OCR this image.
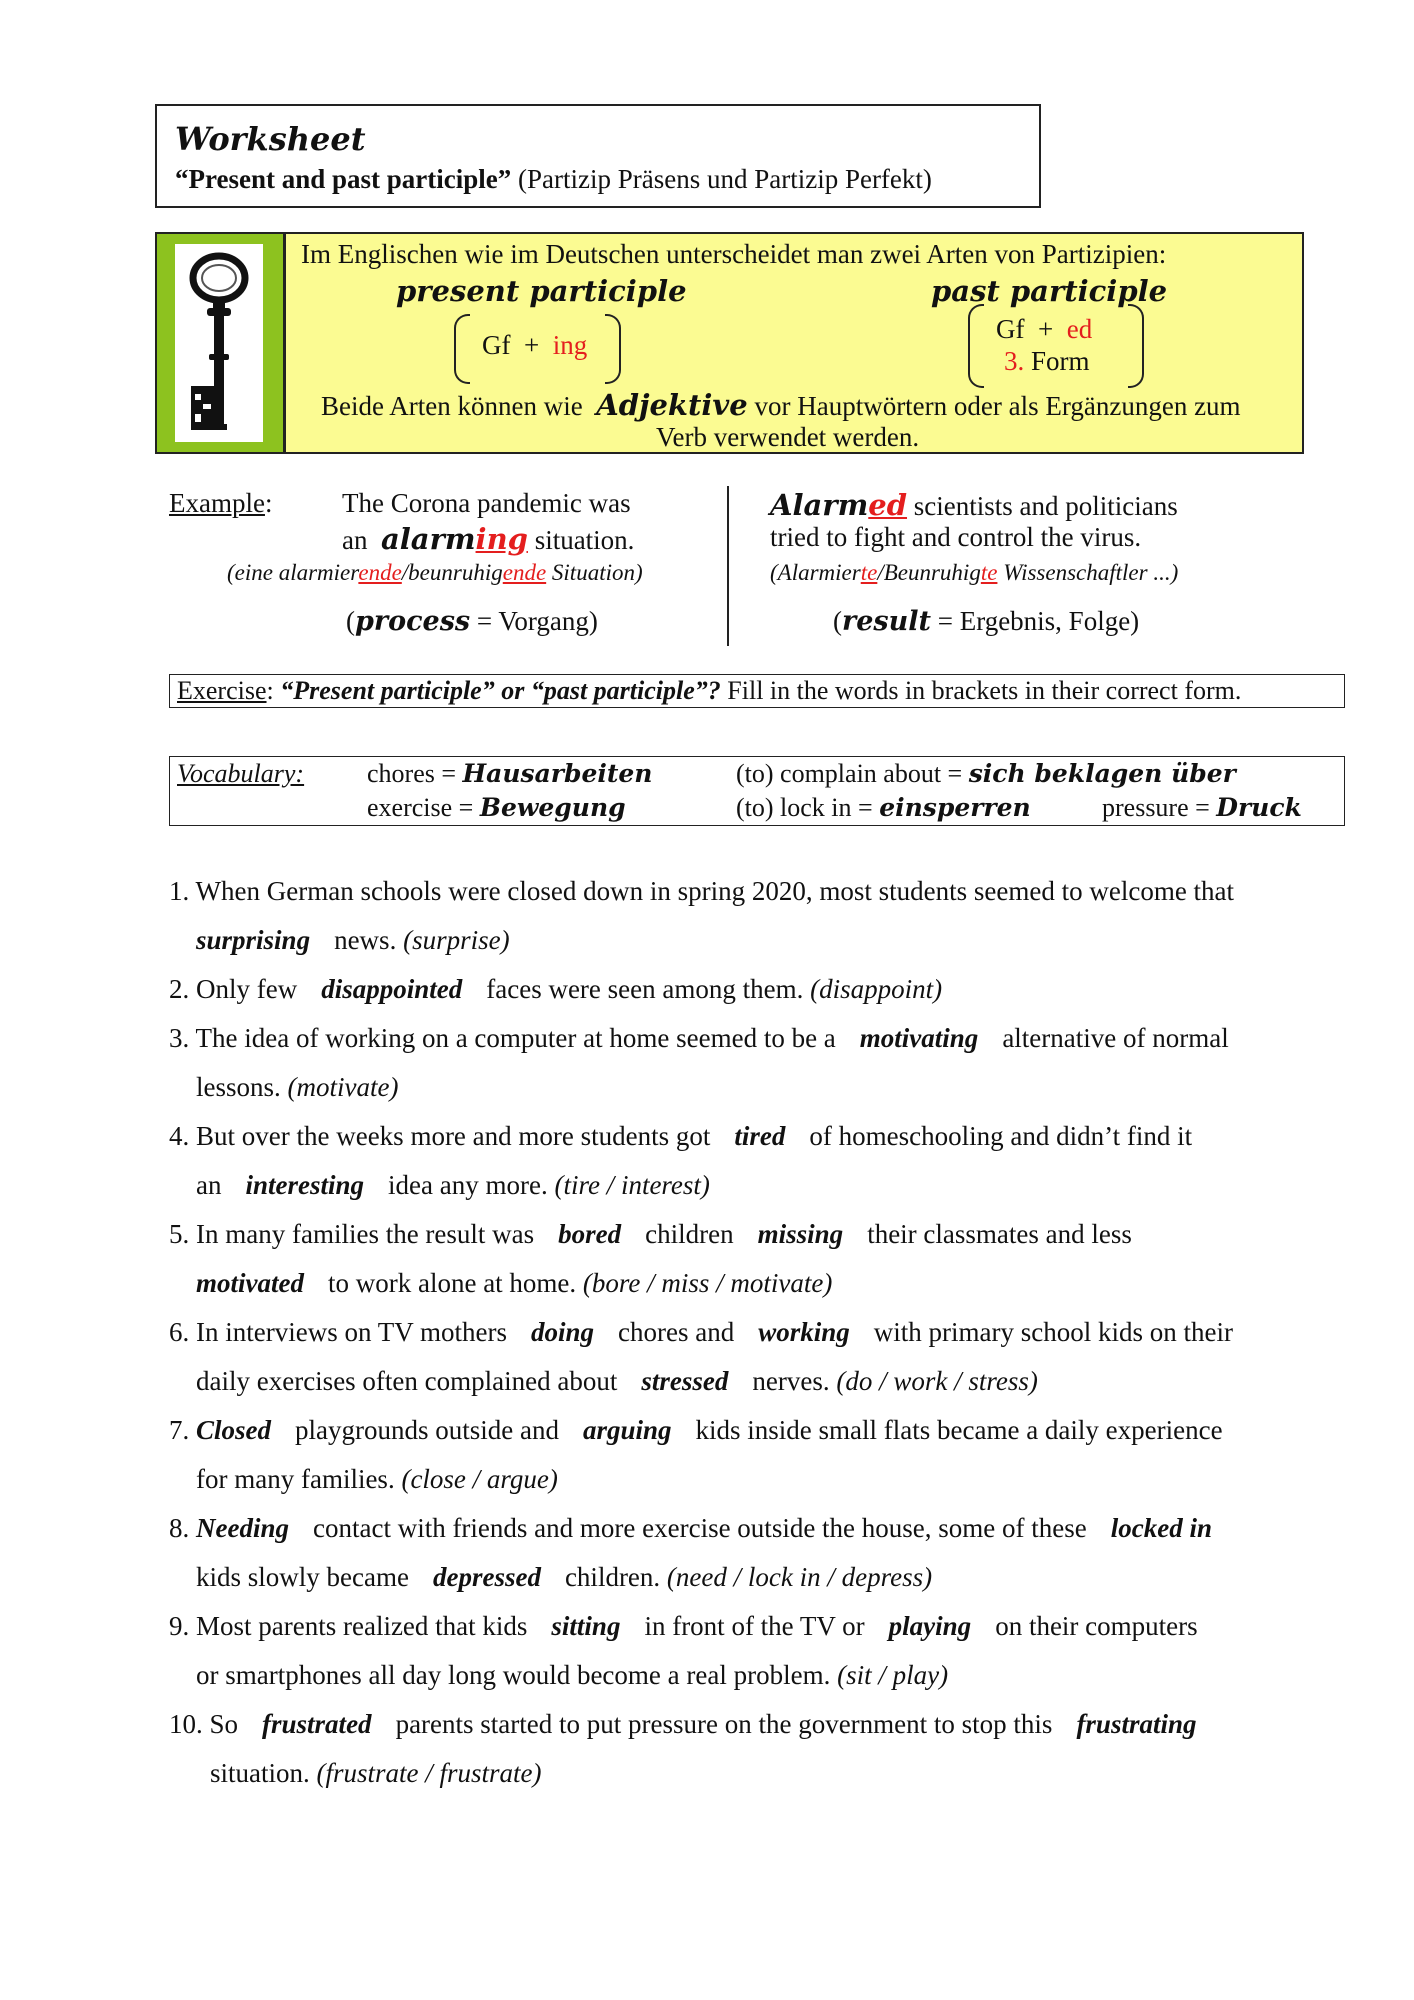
Worksheet
“Present and past participle” (Partizip Präsens und Partizip Perfekt)
Im Englischen wie im Deutschen unterscheidet man zwei Arten von Partizipien:
present participle	past participle
Gf + ing
Gf + ed
3. Form
Beide Arten können wie Adjektive vor Hauptwörtern oder als Ergänzungen zum
Verb verwendet werden.
Example:	The Corona pandemic was
an alarming situation.
(eine alarmierende/beunruhigende Situation)
(process = Vorgang)
Alarmed scientists and politicians
tried to fight and control the virus.
(Alarmierte/Beunruhigte Wissenschaftler ...)
(result = Ergebnis, Folge)
Exercise: “Present participle” or “past participle”? Fill in the words in brackets in their correct form.
Vocabulary: chores = Hausarbeiten
exercise = Bewegung
(to) complain about = sich beklagen über
(to) lock in = einsperren	pressure = Druck
1. When German schools were closed down in spring 2020, most students seemed to welcome that
surprising news. (surprise)
2. Only few disappointed faces were seen among them. (disappoint)
3. The idea of working on a computer at home seemed to be a motivating alternative of normal
lessons. (motivate)
4. But over the weeks more and more students got tired of homeschooling and didn’t find it
an interesting idea any more. (tire / interest)
5. In many families the result was bored children missing their classmates and less
motivated to work alone at home. (bore / miss / motivate)
6. In interviews on TV mothers doing chores and working with primary school kids on their
daily exercises often complained about stressed nerves. (do / work / stress)
7. Closed playgrounds outside and arguing kids inside small flats became a daily experience
for many families. (close / argue)
8. Needing contact with friends and more exercise outside the house, some of these locked in
kids slowly became depressed children. (need / lock in / depress)
9. Most parents realized that kids sitting in front of the TV or playing on their computers
or smartphones all day long would become a real problem. (sit / play)
10. So frustrated parents started to put pressure on the government to stop this frustrating
situation. (frustrate / frustrate)
